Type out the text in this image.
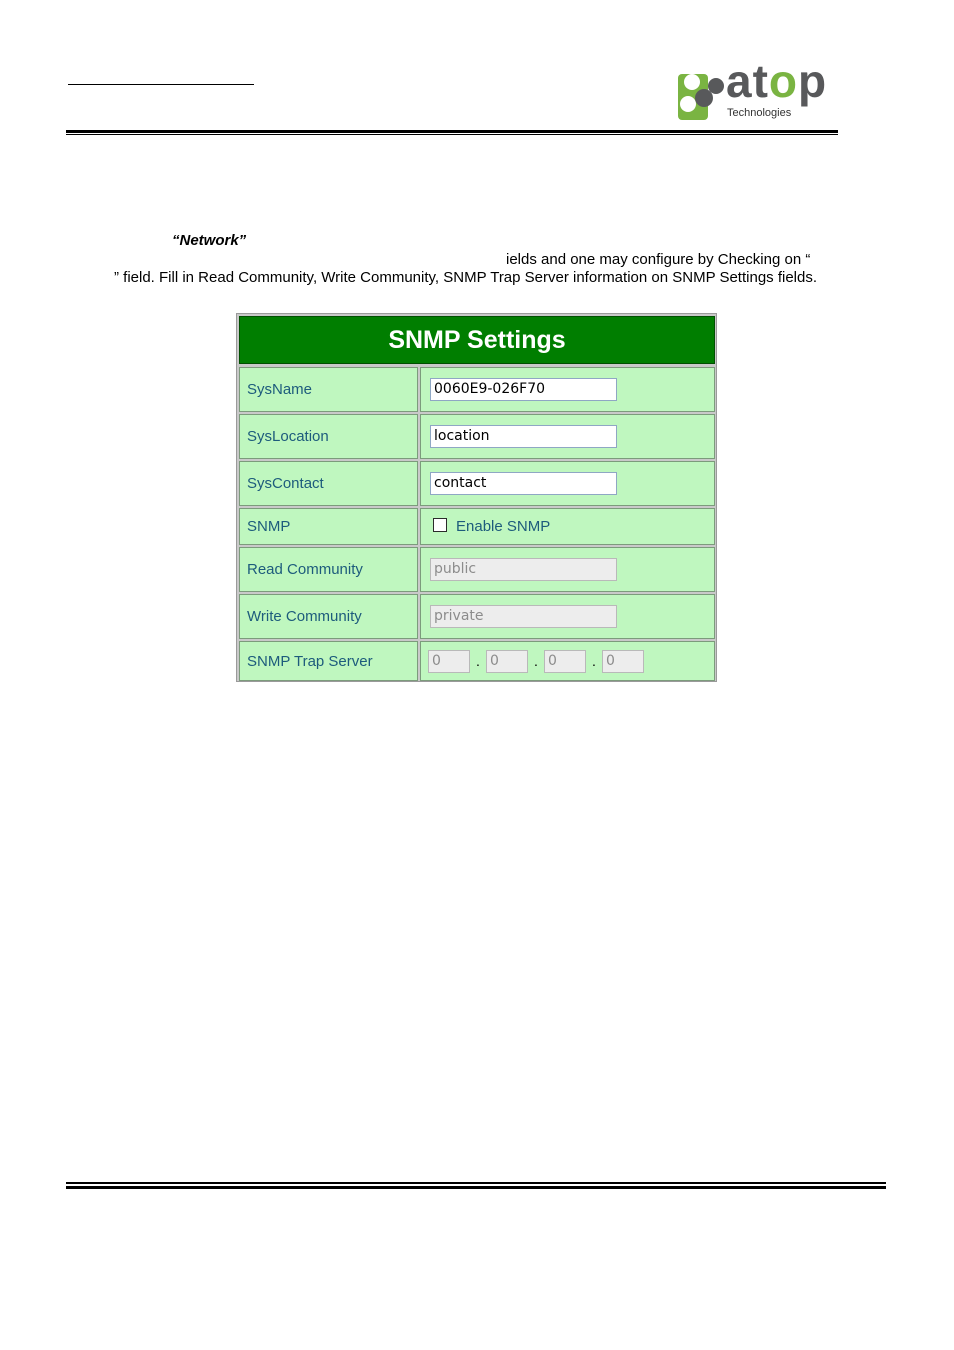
atop
Technologies
“Network”
ields and one may configure by Checking on “
” field. Fill in Read Community, Write Community, SNMP Trap Server information on SNMP Settings fields.
SNMP Settings
SysName	0060E9-026F70
SysLocation	location
SysContact	contact
SNMP	Enable SNMP
Read Community	public
Write Community	private
SNMP Trap Server	0	. 0	. 0	. 0
